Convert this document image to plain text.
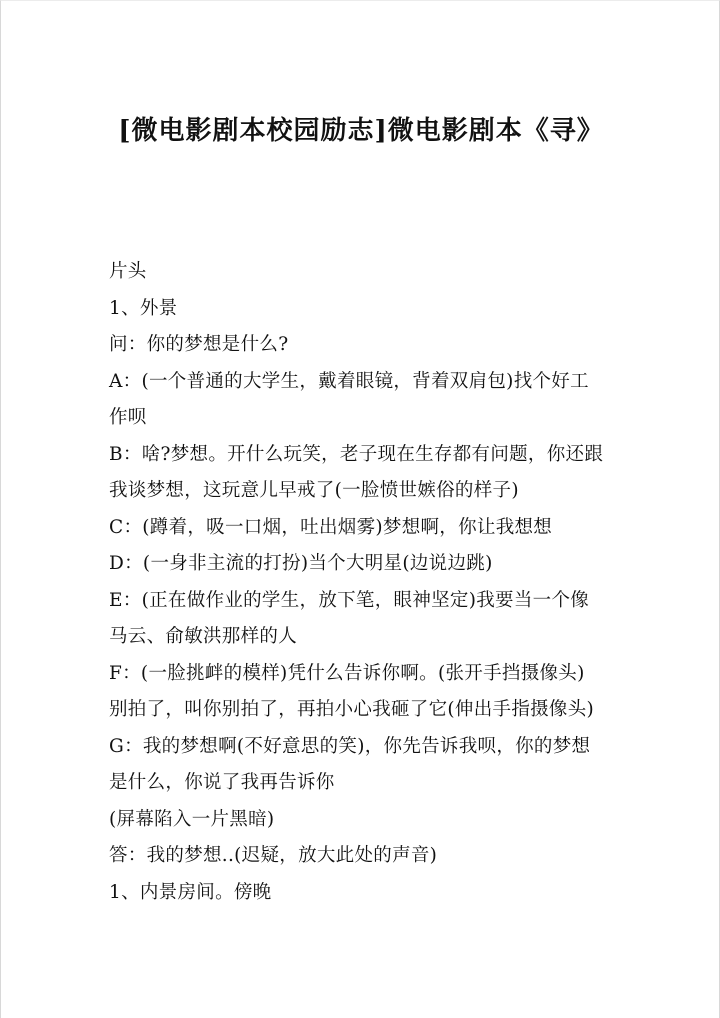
[微电影剧本校园励志]微电影剧本《寻》
片头
1、外景
问：你的梦想是什么?
A：(一个普通的大学生，戴着眼镜，背着双肩包)找个好工
作呗
B：啥?梦想。开什么玩笑，老子现在生存都有问题，你还跟
我谈梦想，这玩意儿早戒了(一脸愤世嫉俗的样子)
C：(蹲着，吸一口烟，吐出烟雾)梦想啊，你让我想想
D：(一身非主流的打扮)当个大明星(边说边跳)
E：(正在做作业的学生，放下笔，眼神坚定)我要当一个像
马云、俞敏洪那样的人
F：(一脸挑衅的模样)凭什么告诉你啊。(张开手挡摄像头)
别拍了，叫你别拍了，再拍小心我砸了它(伸出手指摄像头)
G：我的梦想啊(不好意思的笑)，你先告诉我呗，你的梦想
是什么，你说了我再告诉你
(屏幕陷入一片黑暗)
答：我的梦想..(迟疑，放大此处的声音)
1、内景房间。傍晚
